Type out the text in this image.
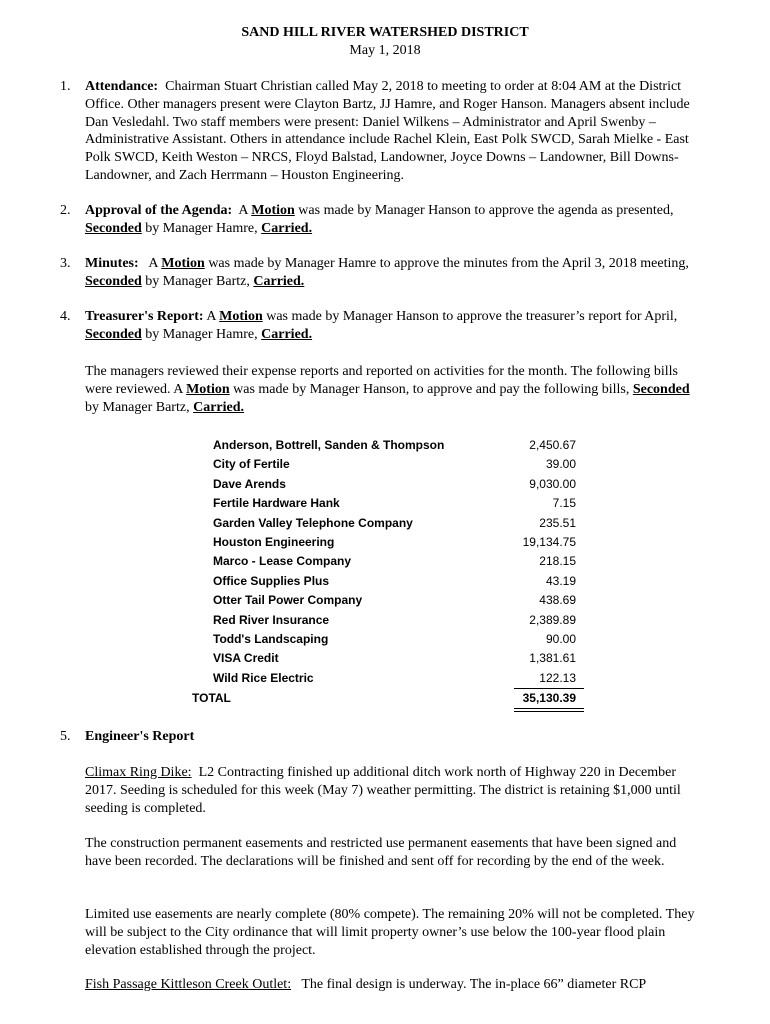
SAND HILL RIVER WATERSHED DISTRICT
May 1, 2018
1.	Attendance: Chairman Stuart Christian called May 2, 2018 to meeting to order at 8:04 AM at the District Office. Other managers present were Clayton Bartz, JJ Hamre, and Roger Hanson. Managers absent include Dan Vesledahl. Two staff members were present: Daniel Wilkens – Administrator and April Swenby – Administrative Assistant. Others in attendance include Rachel Klein, East Polk SWCD, Sarah Mielke - East Polk SWCD, Keith Weston – NRCS, Floyd Balstad, Landowner, Joyce Downs – Landowner, Bill Downs- Landowner, and Zach Herrmann – Houston Engineering.
2.	Approval of the Agenda: A Motion was made by Manager Hanson to approve the agenda as presented, Seconded by Manager Hamre, Carried.
3.	Minutes: A Motion was made by Manager Hamre to approve the minutes from the April 3, 2018 meeting, Seconded by Manager Bartz, Carried.
4.	Treasurer's Report: A Motion was made by Manager Hanson to approve the treasurer’s report for April, Seconded by Manager Hamre, Carried.
The managers reviewed their expense reports and reported on activities for the month. The following bills were reviewed. A Motion was made by Manager Hanson, to approve and pay the following bills, Seconded by Manager Bartz, Carried.
Anderson, Bottrell, Sanden & Thompson	2,450.67
City of Fertile	39.00
Dave Arends	9,030.00
Fertile Hardware Hank	7.15
Garden Valley Telephone Company	235.51
Houston Engineering	19,134.75
Marco - Lease Company	218.15
Office Supplies Plus	43.19
Otter Tail Power Company	438.69
Red River Insurance	2,389.89
Todd's Landscaping	90.00
VISA Credit	1,381.61
Wild Rice Electric	122.13
TOTAL	35,130.39
5.	Engineer's Report
Climax Ring Dike: L2 Contracting finished up additional ditch work north of Highway 220 in December 2017. Seeding is scheduled for this week (May 7) weather permitting. The district is retaining $1,000 until seeding is completed.
The construction permanent easements and restricted use permanent easements that have been signed and have been recorded. The declarations will be finished and sent off for recording by the end of the week.
Limited use easements are nearly complete (80% compete). The remaining 20% will not be completed. They will be subject to the City ordinance that will limit property owner’s use below the 100-year flood plain elevation established through the project.
Fish Passage Kittleson Creek Outlet: The final design is underway. The in-place 66” diameter RCP
